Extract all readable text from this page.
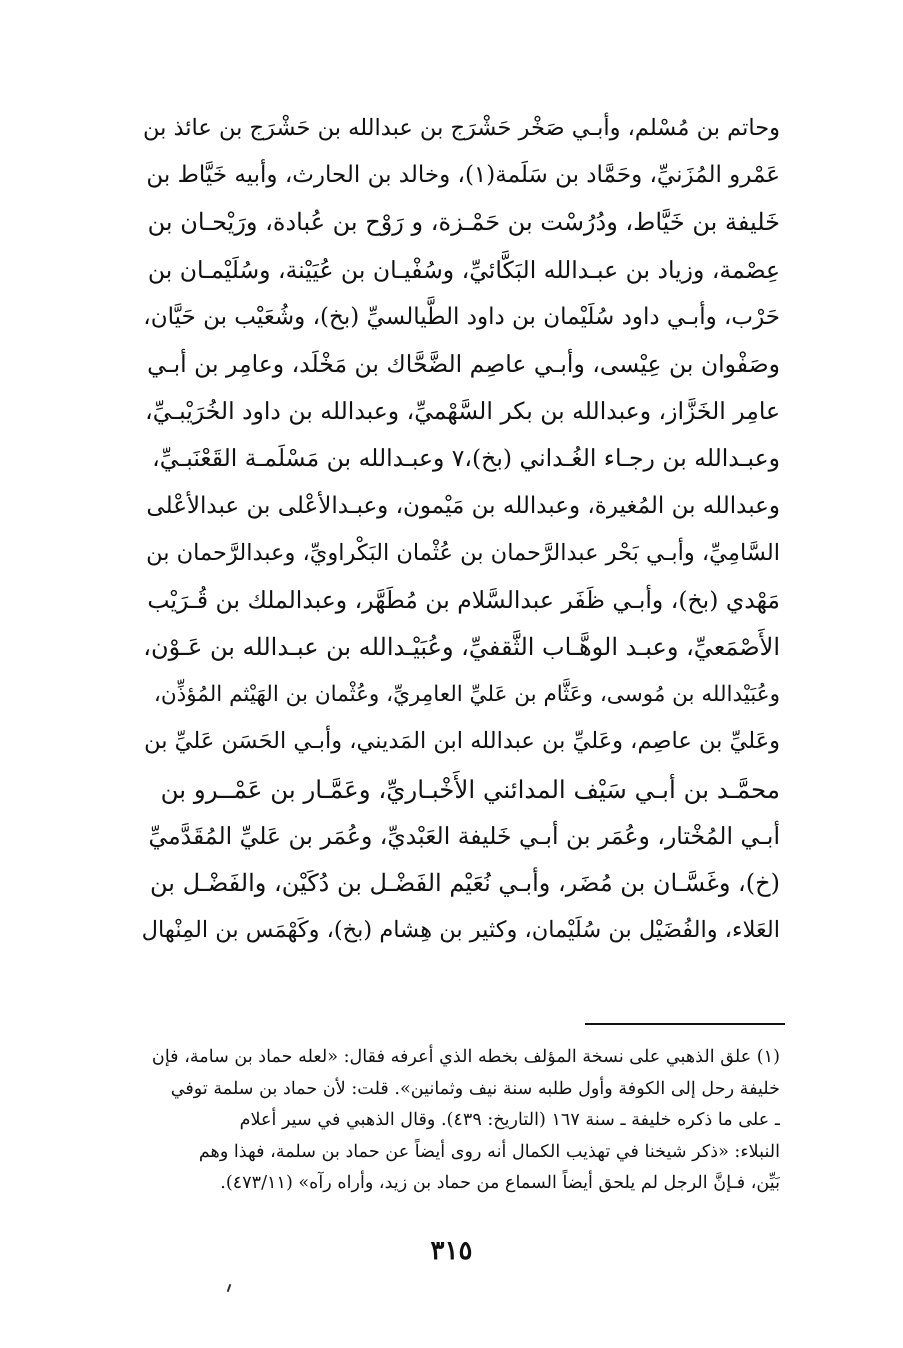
وحاتم بن مُسْلم، وأبـي صَخْر حَشْرَج بن عبدالله بن حَشْرَج بن عائذ بن
عَمْرو المُزَنيِّ، وحَمَّاد بن سَلَمة(١)، وخالد بن الحارث، وأبيه خَيَّاط بن
خَليفة بن خَيَّاط، ودُرُسْت بن حَمْـزة، و رَوْح بن عُبادة، ورَيْحـان بن
عِصْمة، وزياد بن عبـدالله البَكَّائيِّ، وسُفْيـان بن عُيَيْنة، وسُلَيْمـان بن
حَرْب، وأبـي داود سُلَيْمان بن داود الطَّيالسيِّ (بخ)، وشُعَيْب بن حَيَّان،
وصَفْوان بن عِيْسى، وأبـي عاصِم الضَّحَّاك بن مَخْلَد، وعامِر بن أبـي
عامِر الخَزَّاز، وعبدالله بن بكر السَّهْميِّ، وعبدالله بن داود الخُرَيْبـيِّ،
وعبـدالله بن رجـاء الغُـداني (بخ)،٧ وعبـدالله بن مَسْلَمـة القَعْنَبـيِّ،
وعبدالله بن المُغيرة، وعبدالله بن مَيْمون، وعبـدالأعْلى بن عبدالأعْلى
السَّامِيِّ، وأبـي بَحْر عبدالرَّحمان بن عُثْمان البَكْراويِّ، وعبدالرَّحمان بن
مَهْدي (بخ)، وأبـي ظَفَر عبدالسَّلام بن مُطَهَّر، وعبدالملك بن قُـرَيْب
الأَصْمَعيِّ، وعبـد الوهَّـاب الثَّقفيِّ، وعُبَيْـدالله بن عبـدالله بن عَـوْن،
وعُبَيْدالله بن مُوسى، وعَثَّام بن عَليِّ العامِريِّ، وعُثْمان بن الهَيْثم المُؤذِّن،
وعَليِّ بن عاصِم، وعَليِّ بن عبدالله ابن المَديني، وأبـي الحَسَن عَليِّ بن
محمَّـد بن أبـي سَيْف المدائني الأَخْبـاريِّ، وعَمَّـار بن عَمْــرو بن
أبـي المُخْتار، وعُمَر بن أبـي خَليفة العَبْديِّ، وعُمَر بن عَليِّ المُقَدَّميِّ
(خ)، وغَسَّـان بن مُضَر، وأبـي نُعَيْم الفَضْـل بن دُكَيْن، والفَضْـل بن
العَلاء، والفُضَيْل بن سُلَيْمان، وكثير بن هِشام (بخ)، وكَهْمَس بن المِنْهال
(١) علق الذهبي على نسخة المؤلف بخطه الذي أعرفه فقال: «لعله حماد بن سامة، فإن
خليفة رحل إلى الكوفة وأول طلبه سنة نيف وثمانين». قلت: لأن حماد بن سلمة توفي
ـ على ما ذكره خليفة ـ سنة ١٦٧ (التاريخ: ٤٣٩). وقال الذهبي في سير أعلام
النبلاء: «ذكر شيخنا في تهذيب الكمال أنه روى أيضاً عن حماد بن سلمة، فهذا وهم
بَيِّن، فـإنَّ الرجل لم يلحق أيضاً السماع من حماد بن زيد، وأراه رآه» (٤٧٣/١١).
٣١٥
